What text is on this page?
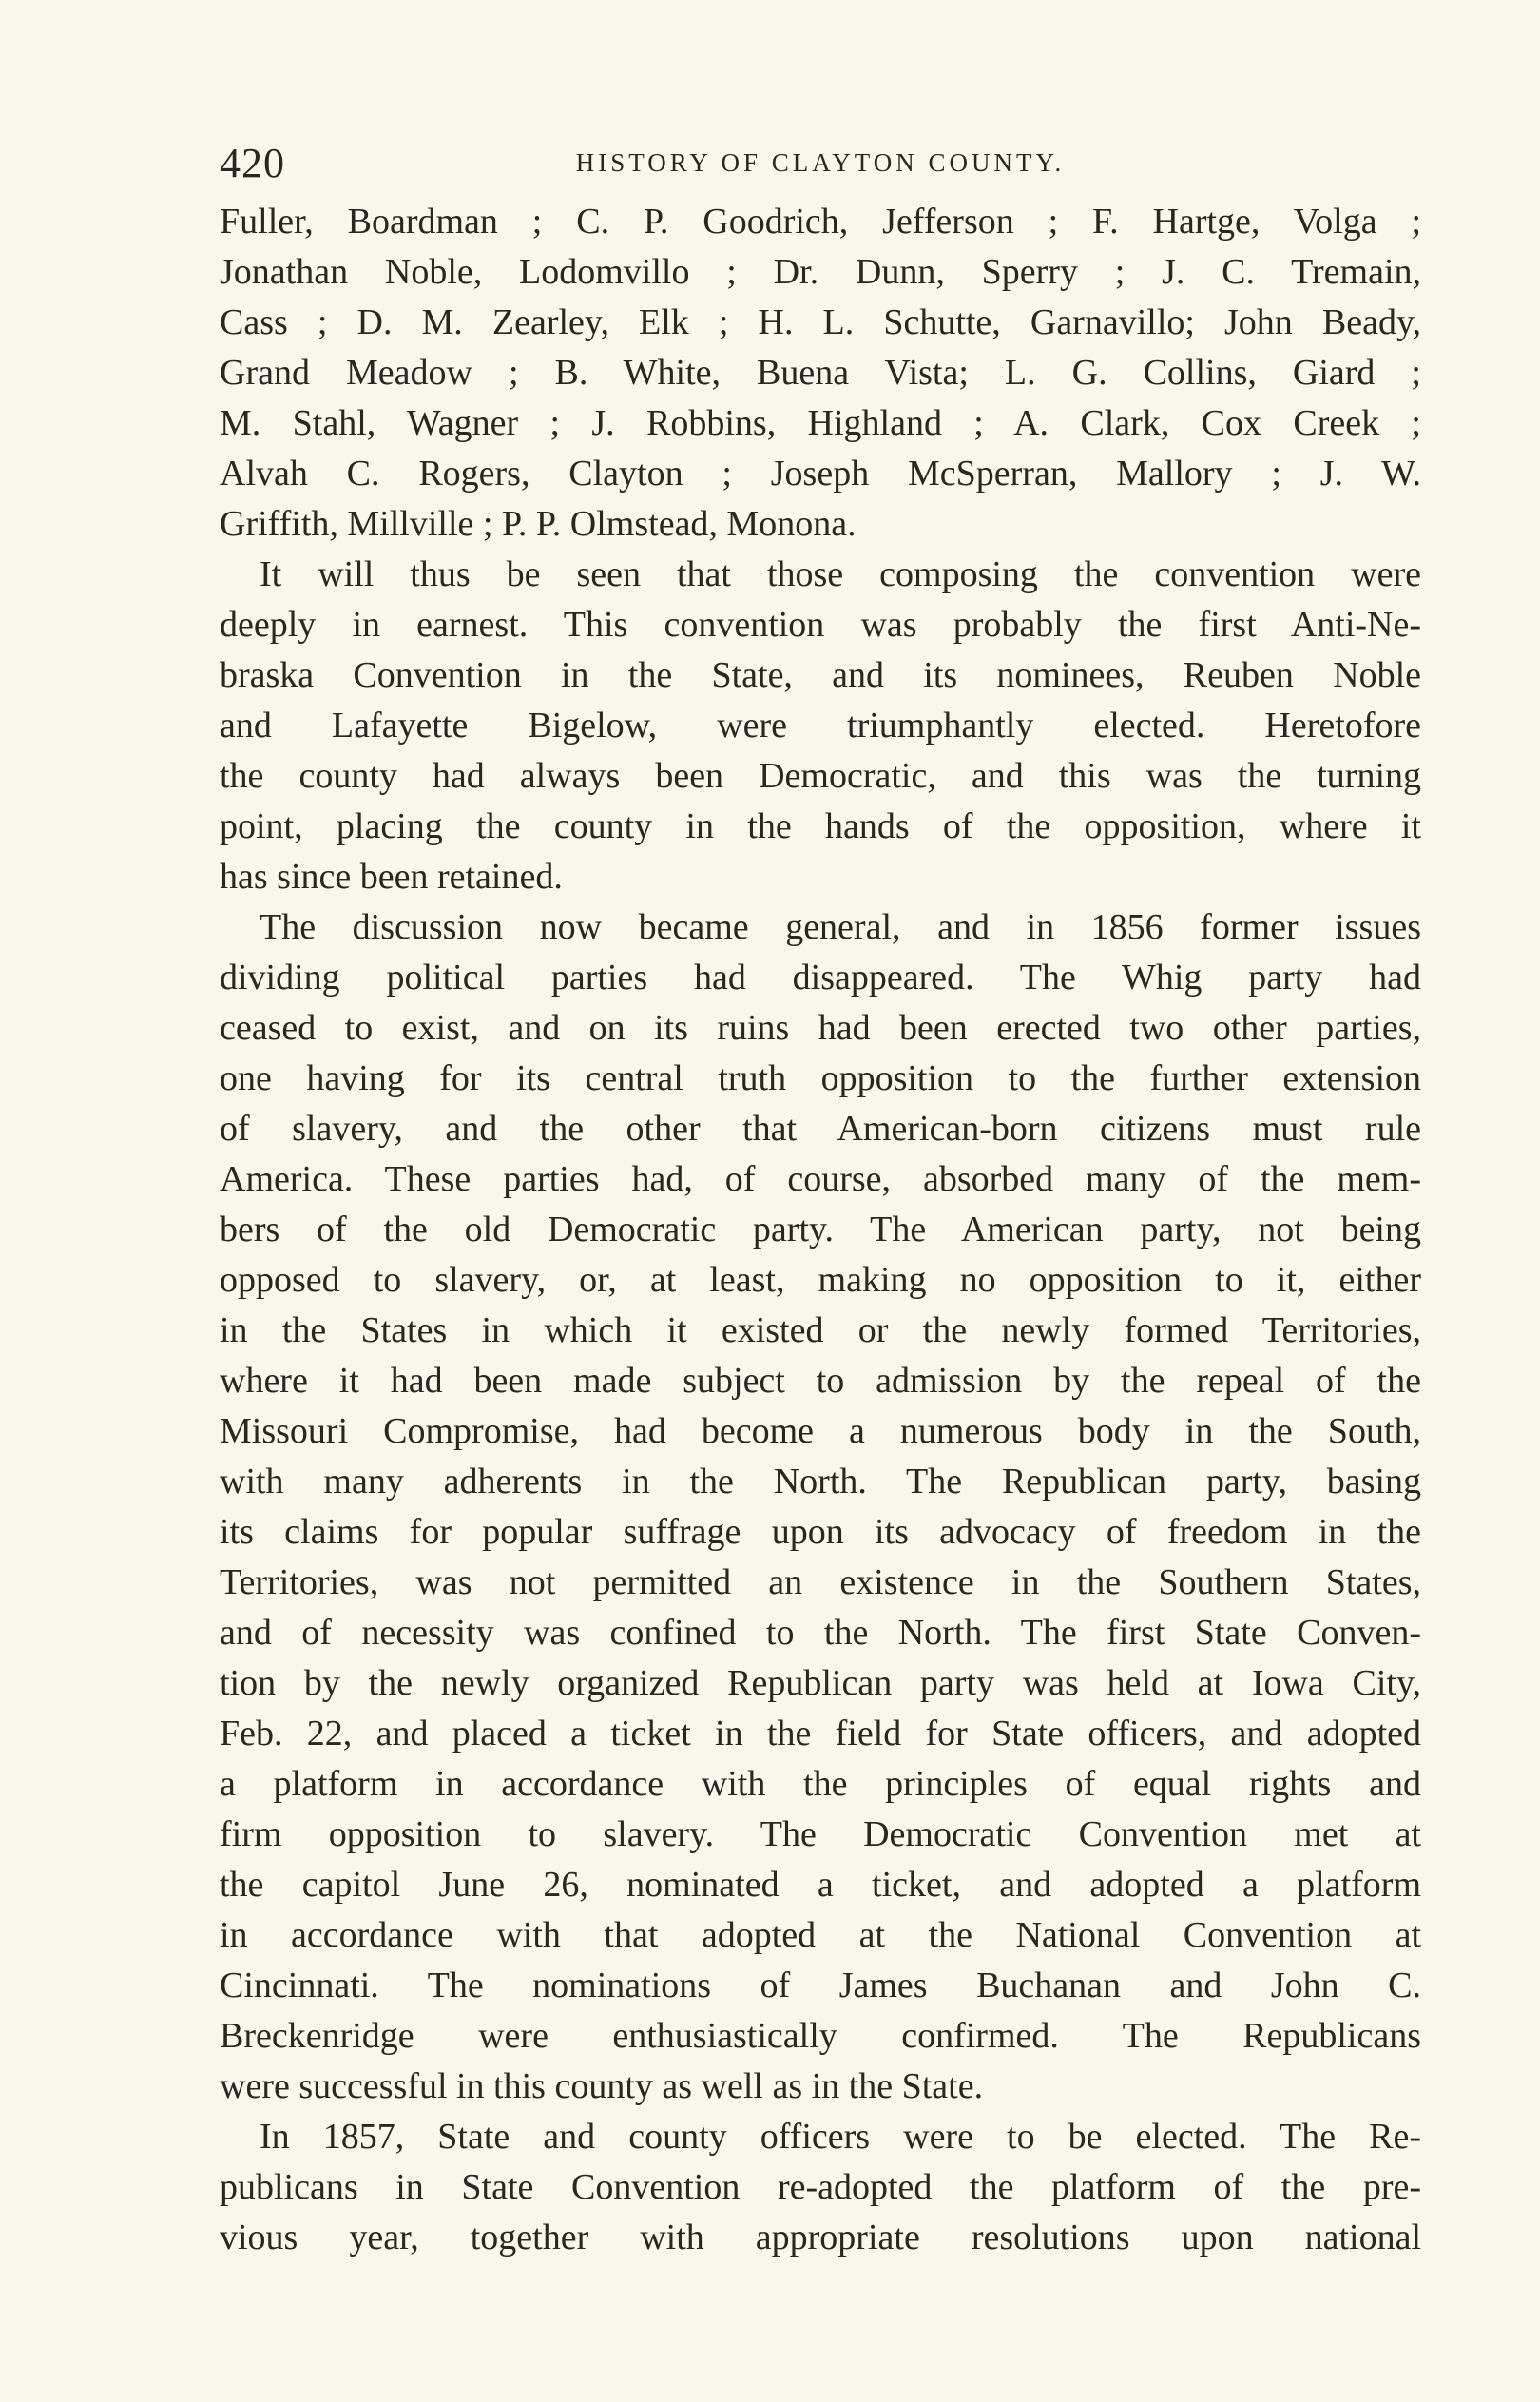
420	HISTORY OF CLAYTON COUNTY.
Fuller, Boardman ; C. P. Goodrich, Jefferson ; F. Hartge, Volga ;
Jonathan Noble, Lodomvillo ; Dr. Dunn, Sperry ; J. C. Tremain,
Cass ; D. M. Zearley, Elk ; H. L. Schutte, Garnavillo; John Beady,
Grand Meadow ; B. White, Buena Vista; L. G. Collins, Giard ;
M. Stahl, Wagner ; J. Robbins, Highland ; A. Clark, Cox Creek ;
Alvah C. Rogers, Clayton ; Joseph McSperran, Mallory ; J. W.
Griffith, Millville ; P. P. Olmstead, Monona.
It will thus be seen that those composing the convention were
deeply in earnest. This convention was probably the first Anti-Ne-
braska Convention in the State, and its nominees, Reuben Noble
and Lafayette Bigelow, were triumphantly elected. Heretofore
the county had always been Democratic, and this was the turning
point, placing the county in the hands of the opposition, where it
has since been retained.
The discussion now became general, and in 1856 former issues
dividing political parties had disappeared. The Whig party had
ceased to exist, and on its ruins had been erected two other parties,
one having for its central truth opposition to the further extension
of slavery, and the other that American-born citizens must rule
America. These parties had, of course, absorbed many of the mem-
bers of the old Democratic party. The American party, not being
opposed to slavery, or, at least, making no opposition to it, either
in the States in which it existed or the newly formed Territories,
where it had been made subject to admission by the repeal of the
Missouri Compromise, had become a numerous body in the South,
with many adherents in the North. The Republican party, basing
its claims for popular suffrage upon its advocacy of freedom in the
Territories, was not permitted an existence in the Southern States,
and of necessity was confined to the North. The first State Conven-
tion by the newly organized Republican party was held at Iowa City,
Feb. 22, and placed a ticket in the field for State officers, and adopted
a platform in accordance with the principles of equal rights and
firm opposition to slavery. The Democratic Convention met at
the capitol June 26, nominated a ticket, and adopted a platform
in accordance with that adopted at the National Convention at
Cincinnati. The nominations of James Buchanan and John C.
Breckenridge were enthusiastically confirmed. The Republicans
were successful in this county as well as in the State.
In 1857, State and county officers were to be elected. The Re-
publicans in State Convention re-adopted the platform of the pre-
vious year, together with appropriate resolutions upon national
